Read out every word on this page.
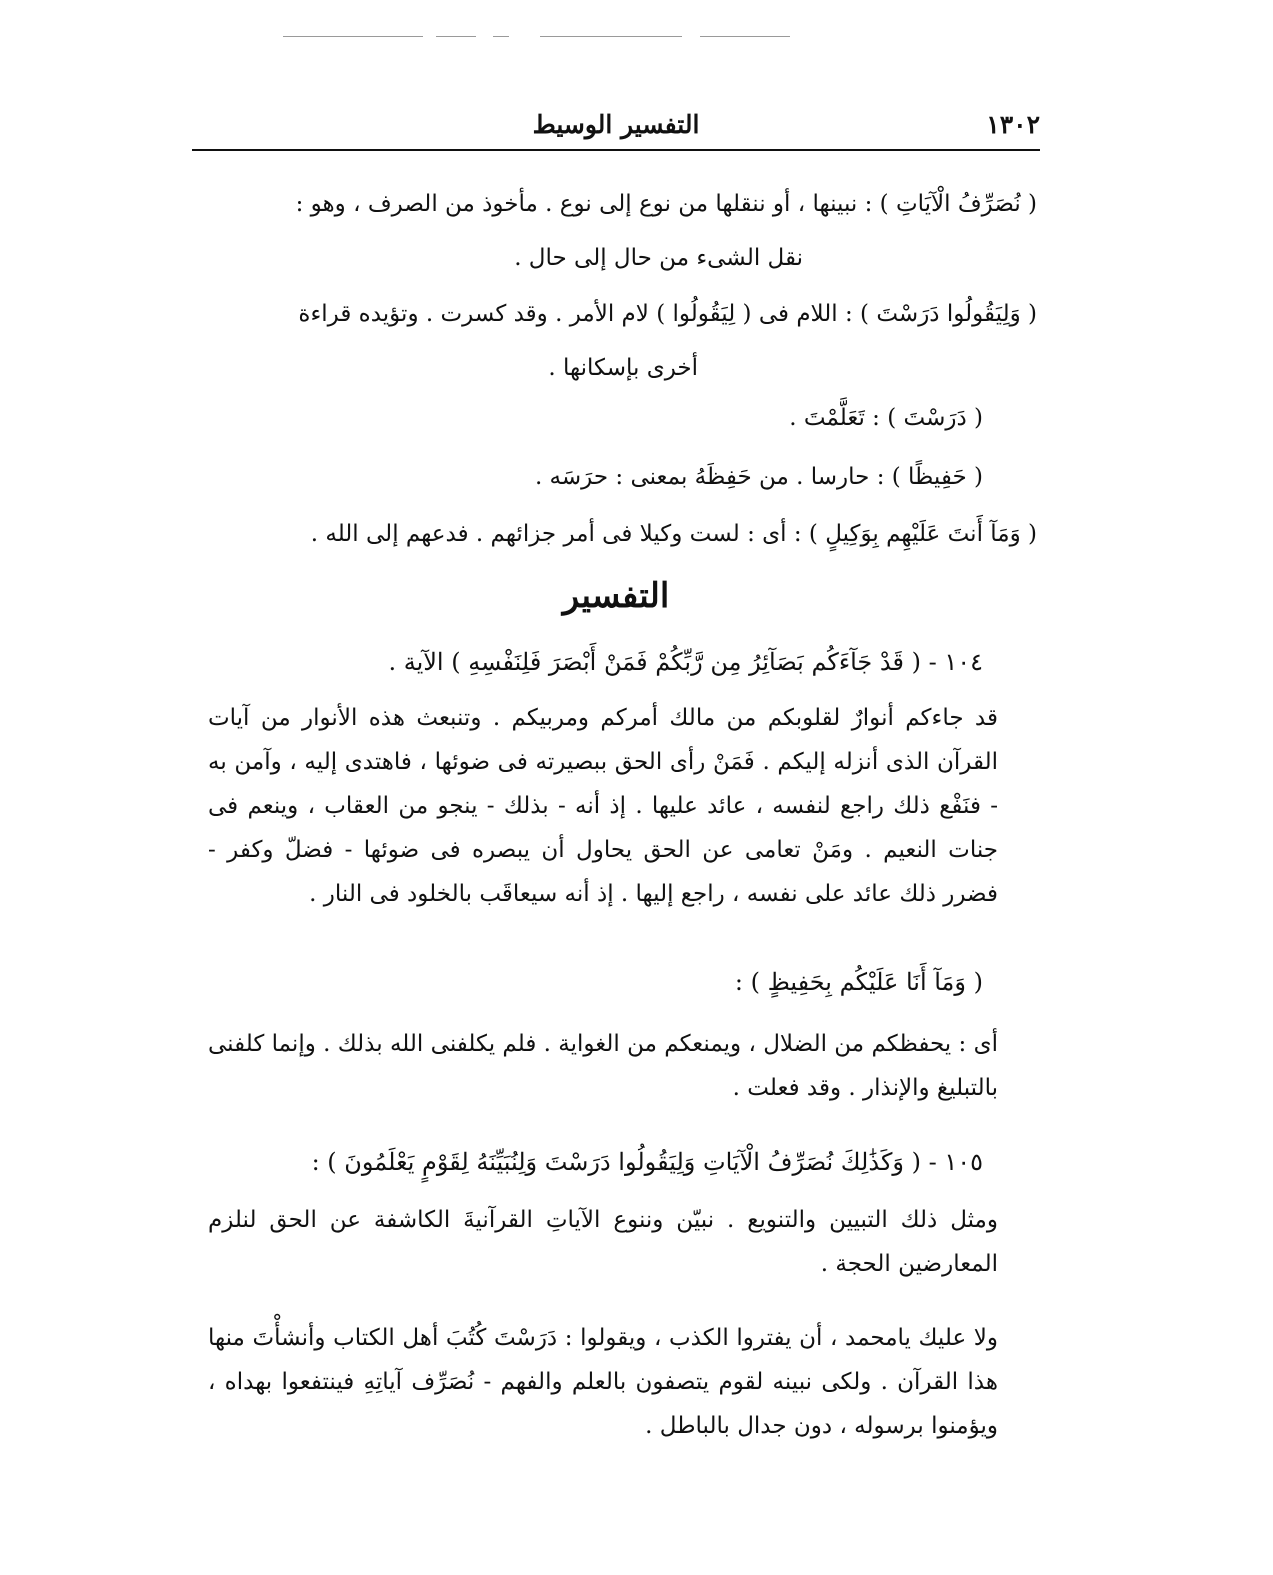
١٣٠٢
التفسير الوسيط
( نُصَرِّفُ الْآيَاتِ ) : نبينها ، أو ننقلها من نوع إلى نوع . مأخوذ من الصرف ، وهو :
نقل الشىء من حال إلى حال .
( وَلِيَقُولُوا دَرَسْتَ ) : اللام فى ( لِيَقُولُوا ) لام الأمر . وقد كسرت . وتؤيده قراءة
أخرى بإسكانها .
( دَرَسْتَ ) : تَعَلَّمْتَ .
( حَفِيظًا ) : حارسا . من حَفِظَهُ بمعنى : حرَسَه .
( وَمَآ أَنتَ عَلَيْهِم بِوَكِيلٍ ) : أى : لست وكيلا فى أمر جزائهم . فدعهم إلى الله .
التفسير
١٠٤ - ( قَدْ جَآءَكُم بَصَآئِرُ مِن رَّبِّكُمْ فَمَنْ أَبْصَرَ فَلِنَفْسِهِ ) الآية .
قد جاءكم أنوارٌ لقلوبكم من مالك أمركم ومربيكم . وتنبعث هذه الأنوار من آيات القرآن الذى أنزله إليكم . فَمَنْ رأى الحق ببصيرته فى ضوئها ، فاهتدى إليه ، وآمن به - فنَفْع ذلك راجع لنفسه ، عائد عليها . إذ أنه - بذلك - ينجو من العقاب ، وينعم فى جنات النعيم . ومَنْ تعامى عن الحق يحاول أن يبصره فى ضوئها - فضلّ وكفر - فضرر ذلك عائد على نفسه ، راجع إليها . إذ أنه سيعاقَب بالخلود فى النار .
( وَمَآ أَنَا عَلَيْكُم بِحَفِيظٍ ) :
أى : يحفظكم من الضلال ، ويمنعكم من الغواية . فلم يكلفنى الله بذلك . وإنما كلفنى بالتبليغ والإنذار . وقد فعلت .
١٠٥ - ( وَكَذَٰلِكَ نُصَرِّفُ الْآيَاتِ وَلِيَقُولُوا دَرَسْتَ وَلِنُبَيِّنَهُ لِقَوْمٍ يَعْلَمُونَ ) :
ومثل ذلك التبيين والتنويع . نبيّن وننوع الآياتِ القرآنيةَ الكاشفة عن الحق لنلزم المعارضين الحجة .
ولا عليك يامحمد ، أن يفتروا الكذب ، ويقولوا : دَرَسْتَ كُتُبَ أهل الكتاب وأنشأْتَ منها هذا القرآن . ولكى نبينه لقوم يتصفون بالعلم والفهم - نُصَرِّف آياتِهِ فينتفعوا بهداه ، ويؤمنوا برسوله ، دون جدال بالباطل .
